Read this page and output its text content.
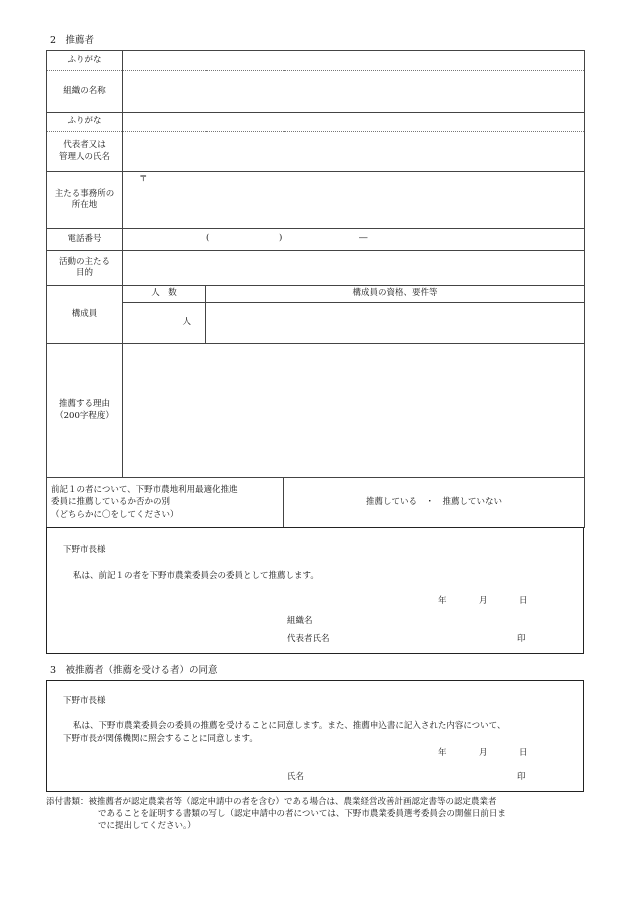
2　推薦者
ふりがな			
組織の名称			
ふりがな			

代表者又は
管理人の氏名			

主たる事務所の
所在地	〒		
電話番号	( ) ―		

活動の主たる
目的			

構成員	人　数	構成員の資格、要件等	
	人		

推薦する理由
（200字程度）			

前記１の者について、下野市農地利用最適化推進
委員に推薦しているか否かの別
（どちらかに〇をしてください）			推薦している　・　推薦していない
下野市長様
私は、前記１の者を下野市農業委員会の委員として推薦します。
年	月	日
組織名
代表者氏名	印
3　被推薦者（推薦を受ける者）の同意
下野市長様
私は、下野市農業委員会の委員の推薦を受けることに同意します。また、推薦申込書に記入された内容について、
下野市長が関係機関に照会することに同意します。
年	月	日
氏名	印
添付書類： 被推薦者が認定農業者等（認定申請中の者を含む）である場合は、農業経営改善計画認定書等の認定農業者
であることを証明する書類の写し（認定申請中の者については、下野市農業委員選考委員会の開催日前日ま
でに提出してください。）
